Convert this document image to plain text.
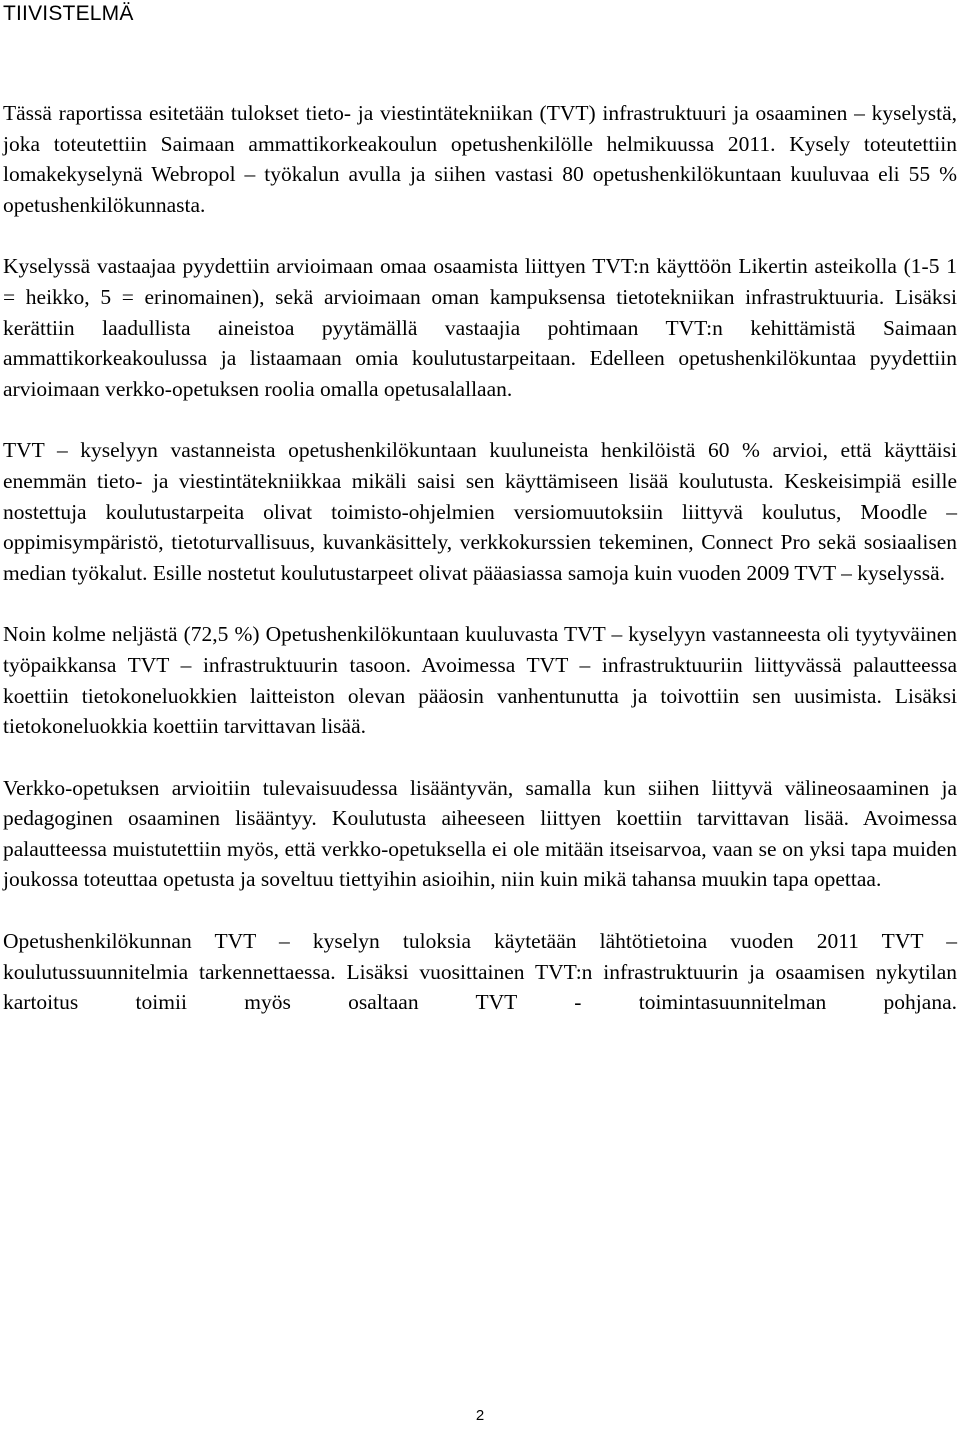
TIIVISTELMÄ

Tässä raportissa esitetään tulokset tieto- ja viestintätekniikan (TVT) infrastruktuuri ja osaaminen – kyselystä, joka toteutettiin Saimaan ammattikorkeakoulun opetushenkilölle helmikuussa 2011. Kysely toteutettiin lomakekyselynä Webropol – työkalun avulla ja siihen vastasi 80 opetushenkilökuntaan kuuluvaa eli 55 % opetushenkilökunnasta.

Kyselyssä vastaajaa pyydettiin arvioimaan omaa osaamista liittyen TVT:n käyttöön Likertin asteikolla (1-5 1 = heikko, 5 = erinomainen), sekä arvioimaan oman kampuksensa tietotekniikan infrastruktuuria. Lisäksi kerättiin laadullista aineistoa pyytämällä vastaajia pohtimaan TVT:n kehittämistä Saimaan ammattikorkeakoulussa ja listaamaan omia koulutustarpeitaan. Edelleen opetushenkilökuntaa pyydettiin arvioimaan verkko-opetuksen roolia omalla opetusalallaan.

TVT – kyselyyn vastanneista opetushenkilökuntaan kuuluneista henkilöistä 60 % arvioi, että käyttäisi enemmän tieto- ja viestintätekniikkaa mikäli saisi sen käyttämiseen lisää koulutusta. Keskeisimpiä esille nostettuja koulutustarpeita olivat toimisto-ohjelmien versiomuutoksiin liittyvä koulutus, Moodle – oppimisympäristö, tietoturvallisuus, kuvankäsittely, verkkokurssien tekeminen, Connect Pro sekä sosiaalisen median työkalut. Esille nostetut koulutustarpeet olivat pääasiassa samoja kuin vuoden 2009 TVT – kyselyssä.

Noin kolme neljästä (72,5 %) Opetushenkilökuntaan kuuluvasta TVT – kyselyyn vastanneesta oli tyytyväinen työpaikkansa TVT – infrastruktuurin tasoon. Avoimessa TVT – infrastruktuuriin liittyvässä palautteessa koettiin tietokoneluokkien laitteiston olevan pääosin vanhentunutta ja toivottiin sen uusimista. Lisäksi tietokoneluokkia koettiin tarvittavan lisää.

Verkko-opetuksen arvioitiin tulevaisuudessa lisääntyvän, samalla kun siihen liittyvä välineosaaminen ja pedagoginen osaaminen lisääntyy. Koulutusta aiheeseen liittyen koettiin tarvittavan lisää. Avoimessa palautteessa muistutettiin myös, että verkko-opetuksella ei ole mitään itseisarvoa, vaan se on yksi tapa muiden joukossa toteuttaa opetusta ja soveltuu tiettyihin asioihin, niin kuin mikä tahansa muukin tapa opettaa.

Opetushenkilökunnan TVT – kyselyn tuloksia käytetään lähtötietoina vuoden 2011 TVT – koulutussuunnitelmia tarkennettaessa. Lisäksi vuosittainen TVT:n infrastruktuurin ja osaamisen nykytilan kartoitus toimii myös osaltaan TVT - toimintasuunnitelman pohjana.

2
